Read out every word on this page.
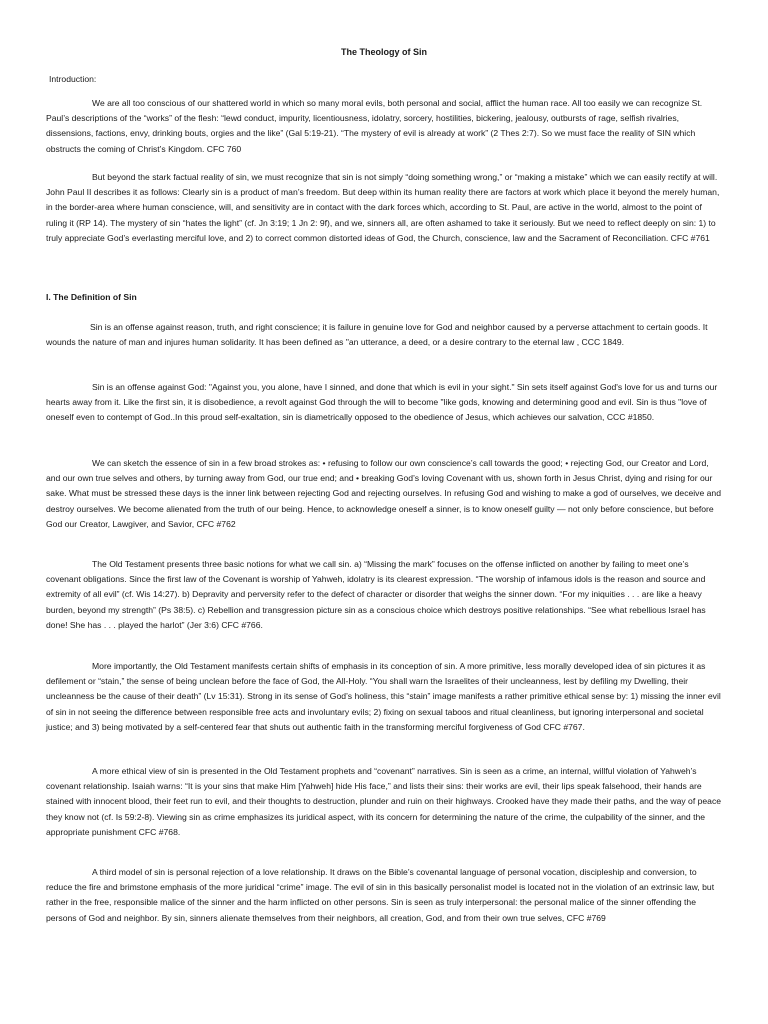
The Theology of Sin

Introduction:

We are all too conscious of our shattered world in which so many moral evils, both personal and social, afflict the human race. All too easily we can recognize St. Paul’s descriptions of the “works” of the flesh: “lewd conduct, impurity, licentiousness, idolatry, sorcery, hostilities, bickering, jealousy, outbursts of rage, selfish rivalries, dissensions, factions, envy, drinking bouts, orgies and the like” (Gal 5:19-21). “The mystery of evil is already at work” (2 Thes 2:7). So we must face the reality of SIN which obstructs the coming of Christ’s Kingdom. CFC 760

But beyond the stark factual reality of sin, we must recognize that sin is not simply “doing something wrong,” or “making a mistake” which we can easily rectify at will. John Paul II describes it as follows: Clearly sin is a product of man’s freedom. But deep within its human reality there are factors at work which place it beyond the merely human, in the border-area where human conscience, will, and sensitivity are in contact with the dark forces which, according to St. Paul, are active in the world, almost to the point of ruling it (RP 14). The mystery of sin “hates the light” (cf. Jn 3:19; 1 Jn 2: 9f), and we, sinners all, are often ashamed to take it seriously. But we need to reflect deeply on sin: 1) to truly appreciate God’s everlasting merciful love, and 2) to correct common distorted ideas of God, the Church, conscience, law and the Sacrament of Reconciliation. CFC #761

I. The Definition of Sin

Sin is an offense against reason, truth, and right conscience; it is failure in genuine love for God and neighbor caused by a perverse attachment to certain goods. It wounds the nature of man and injures human solidarity. It has been defined as "an utterance, a deed, or a desire contrary to the eternal law , CCC 1849.

Sin is an offense against God: "Against you, you alone, have I sinned, and done that which is evil in your sight." Sin sets itself against God's love for us and turns our hearts away from it. Like the first sin, it is disobedience, a revolt against God through the will to become "like gods, knowing and determining good and evil. Sin is thus "love of oneself even to contempt of God..In this proud self-exaltation, sin is diametrically opposed to the obedience of Jesus, which achieves our salvation, CCC #1850.

We can sketch the essence of sin in a few broad strokes as: • refusing to follow our own conscience’s call towards the good; • rejecting God, our Creator and Lord, and our own true selves and others, by turning away from God, our true end; and • breaking God’s loving Covenant with us, shown forth in Jesus Christ, dying and rising for our sake. What must be stressed these days is the inner link between rejecting God and rejecting ourselves. In refusing God and wishing to make a god of ourselves, we deceive and destroy ourselves. We become alienated from the truth of our being. Hence, to acknowledge oneself a sinner, is to know oneself guilty — not only before conscience, but before God our Creator, Lawgiver, and Savior, CFC #762

The Old Testament presents three basic notions for what we call sin. a) “Missing the mark” focuses on the offense inflicted on another by failing to meet one’s covenant obligations. Since the first law of the Covenant is worship of Yahweh, idolatry is its clearest expression. “The worship of infamous idols is the reason and source and extremity of all evil” (cf. Wis 14:27). b) Depravity and perversity refer to the defect of character or disorder that weighs the sinner down. “For my iniquities . . . are like a heavy burden, beyond my strength” (Ps 38:5). c) Rebellion and transgression picture sin as a conscious choice which destroys positive relationships. “See what rebellious Israel has done! She has . . . played the harlot” (Jer 3:6) CFC #766.

More importantly, the Old Testament manifests certain shifts of emphasis in its conception of sin. A more primitive, less morally developed idea of sin pictures it as defilement or “stain,” the sense of being unclean before the face of God, the All-Holy. “You shall warn the Israelites of their uncleanness, lest by defiling my Dwelling, their uncleanness be the cause of their death” (Lv 15:31). Strong in its sense of God’s holiness, this “stain” image manifests a rather primitive ethical sense by: 1) missing the inner evil of sin in not seeing the difference between responsible free acts and involuntary evils; 2) fixing on sexual taboos and ritual cleanliness, but ignoring interpersonal and societal justice; and 3) being motivated by a self-centered fear that shuts out authentic faith in the transforming merciful forgiveness of God CFC #767.

A more ethical view of sin is presented in the Old Testament prophets and “covenant” narratives. Sin is seen as a crime, an internal, willful violation of Yahweh’s covenant relationship. Isaiah warns: “It is your sins that make Him [Yahweh] hide His face,” and lists their sins: their works are evil, their lips speak falsehood, their hands are stained with innocent blood, their feet run to evil, and their thoughts to destruction, plunder and ruin on their highways. Crooked have they made their paths, and the way of peace they know not (cf. Is 59:2-8). Viewing sin as crime emphasizes its juridical aspect, with its concern for determining the nature of the crime, the culpability of the sinner, and the appropriate punishment CFC #768.

A third model of sin is personal rejection of a love relationship. It draws on the Bible’s covenantal language of personal vocation, discipleship and conversion, to reduce the fire and brimstone emphasis of the more juridical “crime” image. The evil of sin in this basically personalist model is located not in the violation of an extrinsic law, but rather in the free, responsible malice of the sinner and the harm inflicted on other persons. Sin is seen as truly interpersonal: the personal malice of the sinner offending the persons of God and neighbor. By sin, sinners alienate themselves from their neighbors, all creation, God, and from their own true selves, CFC #769
